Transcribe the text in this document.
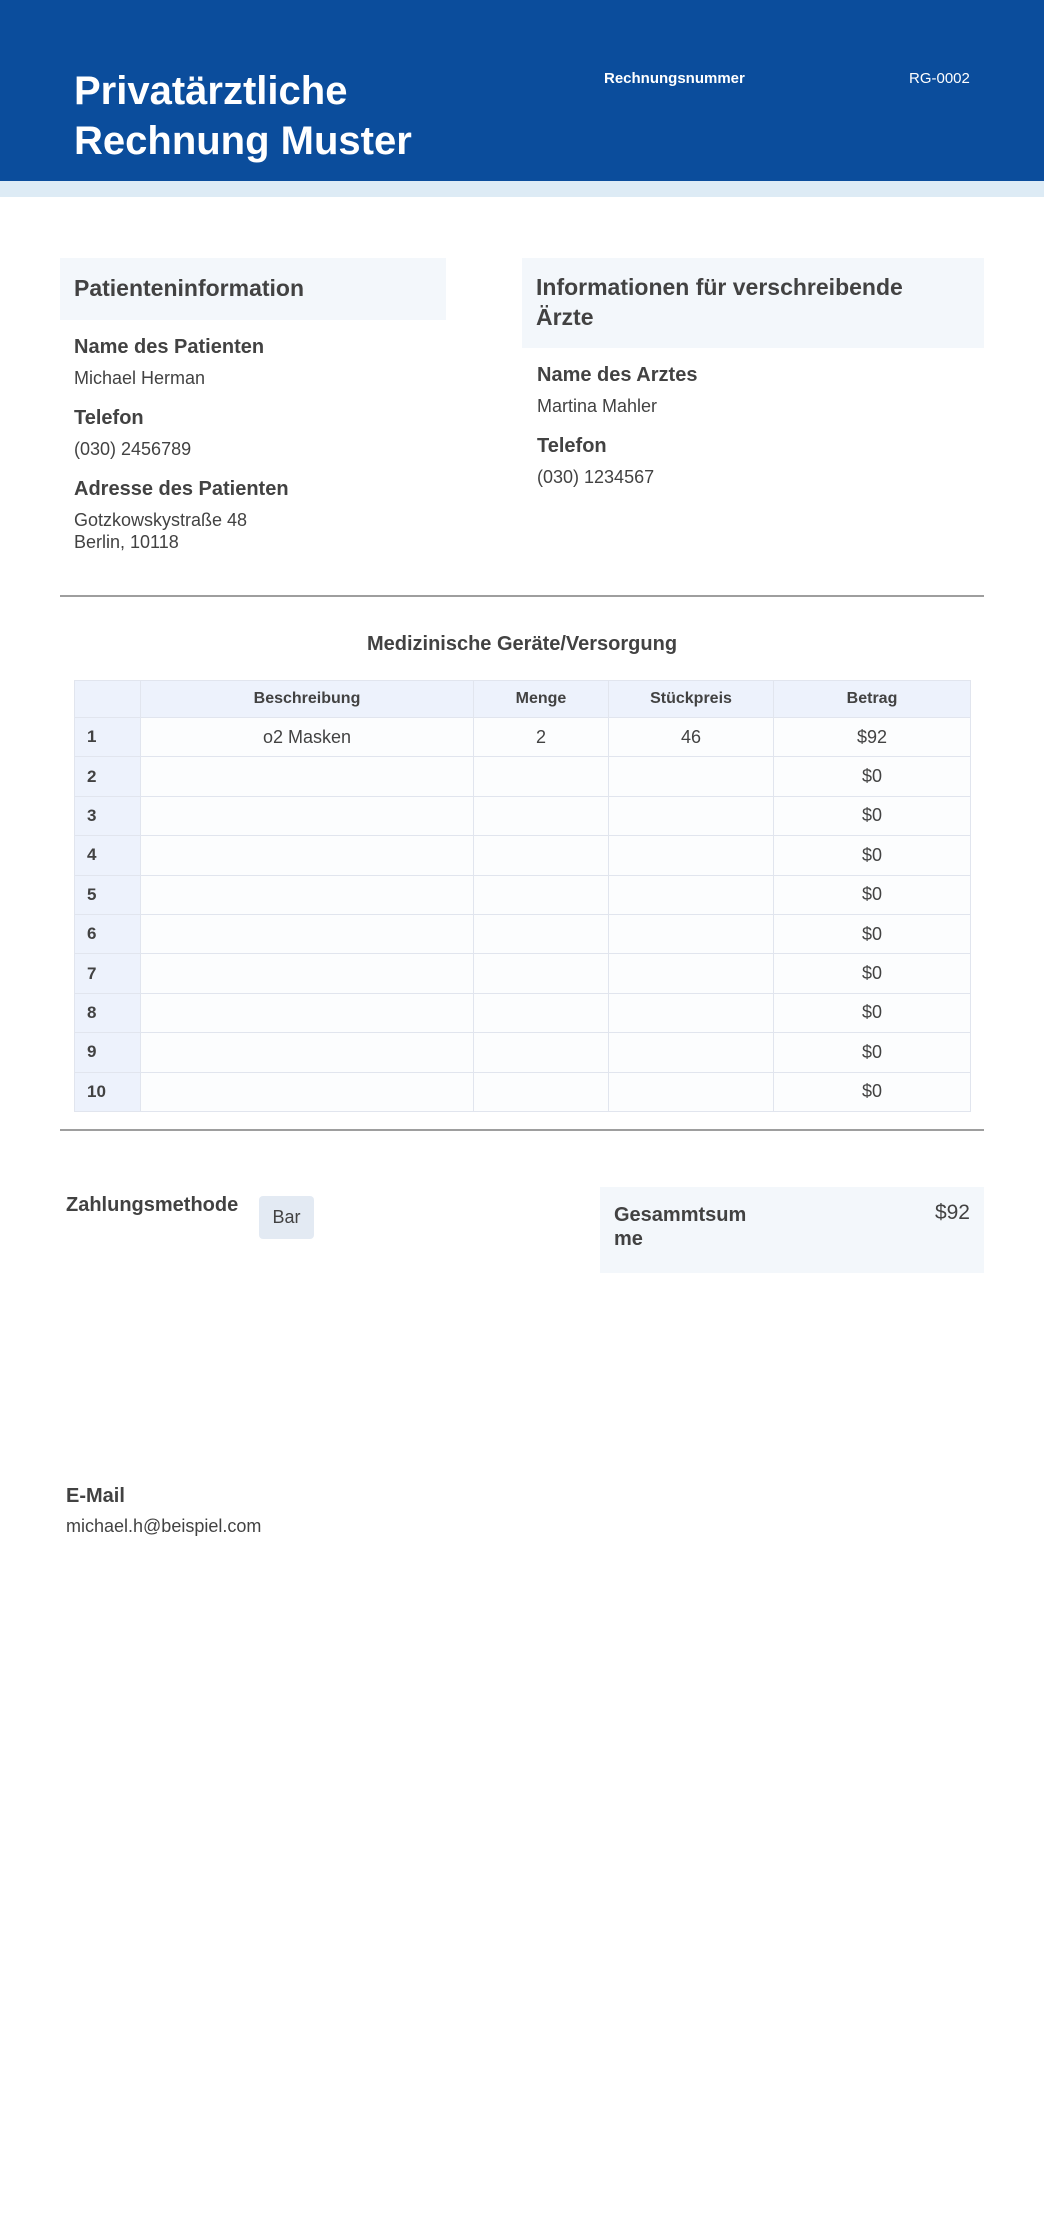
Privatärztliche Rechnung Muster
Rechnungsnummer	RG-0002
Patienteninformation
Name des Patienten
Michael Herman
Telefon
(030) 2456789
Adresse des Patienten
Gotzkowskystraße 48
Berlin, 10118
Informationen für verschreibende Ärzte
Name des Arztes
Martina Mahler
Telefon
(030) 1234567
Medizinische Geräte/Versorgung
	Beschreibung	Menge	Stückpreis	Betrag
1	o2 Masken	2	46	$92
2				$0
3				$0
4				$0
5				$0
6				$0
7				$0
8				$0
9				$0
10				$0
Zahlungsmethode
Bar	Gesammtsumme
$92
E-Mail
michael.h@beispiel.com
